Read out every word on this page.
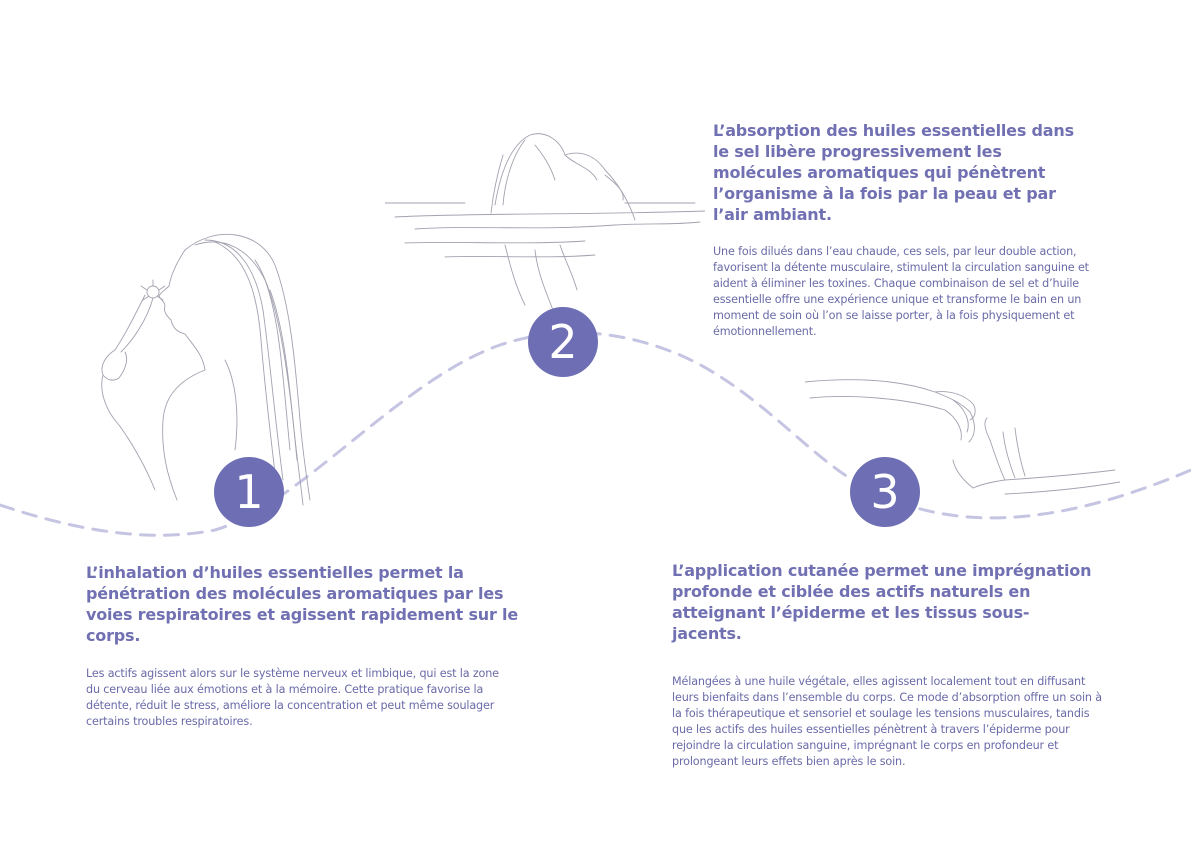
1
2
3

L’inhalation d’huiles essentielles permet la pénétration des molécules aromatiques par les voies respiratoires et agissent rapidement sur le corps.

Les actifs agissent alors sur le système nerveux et limbique, qui est la zone du cerveau liée aux émotions et à la mémoire. Cette pratique favorise la détente, réduit le stress, améliore la concentration et peut même soulager certains troubles respiratoires.

L’absorption des huiles essentielles dans le sel libère progressivement les molécules aromatiques qui pénètrent l’organisme à la fois par la peau et par l’air ambiant.

Une fois dilués dans l’eau chaude, ces sels, par leur double action, favorisent la détente musculaire, stimulent la circulation sanguine et aident à éliminer les toxines. Chaque combinaison de sel et d’huile essentielle offre une expérience unique et transforme le bain en un moment de soin où l’on se laisse porter, à la fois physiquement et émotionnellement.

L’application cutanée permet une imprégnation profonde et ciblée des actifs naturels en atteignant l’épiderme et les tissus sous-jacents.

Mélangées à une huile végétale, elles agissent localement tout en diffusant leurs bienfaits dans l’ensemble du corps. Ce mode d’absorption offre un soin à la fois thérapeutique et sensoriel et soulage les tensions musculaires, tandis que les actifs des huiles essentielles pénètrent à travers l’épiderme pour rejoindre la circulation sanguine, imprégnant le corps en profondeur et prolongeant leurs effets bien après le soin.
